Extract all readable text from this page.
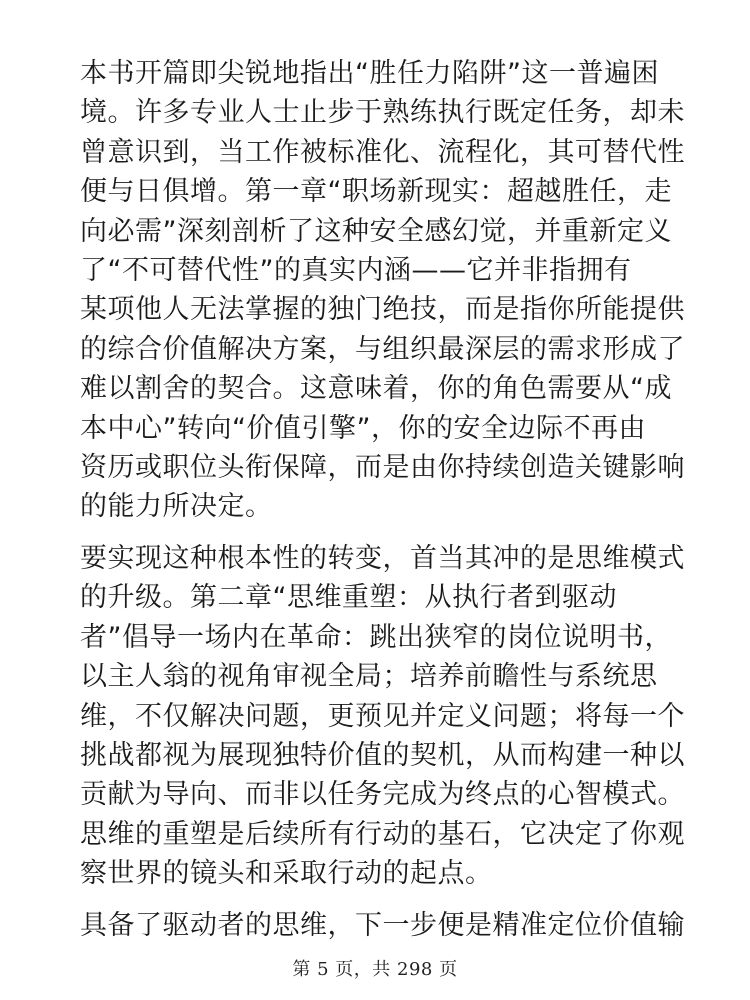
本书开篇即尖锐地指出“胜任力陷阱”这一普遍困
境。许多专业人士止步于熟练执行既定任务，却未
曾意识到，当工作被标准化、流程化，其可替代性
便与日俱增。第一章“职场新现实：超越胜任，走
向必需”深刻剖析了这种安全感幻觉，并重新定义
了“不可替代性”的真实内涵——它并非指拥有
某项他人无法掌握的独门绝技，而是指你所能提供
的综合价值解决方案，与组织最深层的需求形成了
难以割舍的契合。这意味着，你的角色需要从“成
本中心”转向“价值引擎”，你的安全边际不再由
资历或职位头衔保障，而是由你持续创造关键影响
的能力所决定。

要实现这种根本性的转变，首当其冲的是思维模式
的升级。第二章“思维重塑：从执行者到驱动
者”倡导一场内在革命：跳出狭窄的岗位说明书，
以主人翁的视角审视全局；培养前瞻性与系统思
维，不仅解决问题，更预见并定义问题；将每一个
挑战都视为展现独特价值的契机，从而构建一种以
贡献为导向、而非以任务完成为终点的心智模式。
思维的重塑是后续所有行动的基石，它决定了你观
察世界的镜头和采取行动的起点。

具备了驱动者的思维，下一步便是精准定位价值输

第 5 页，共 298 页
